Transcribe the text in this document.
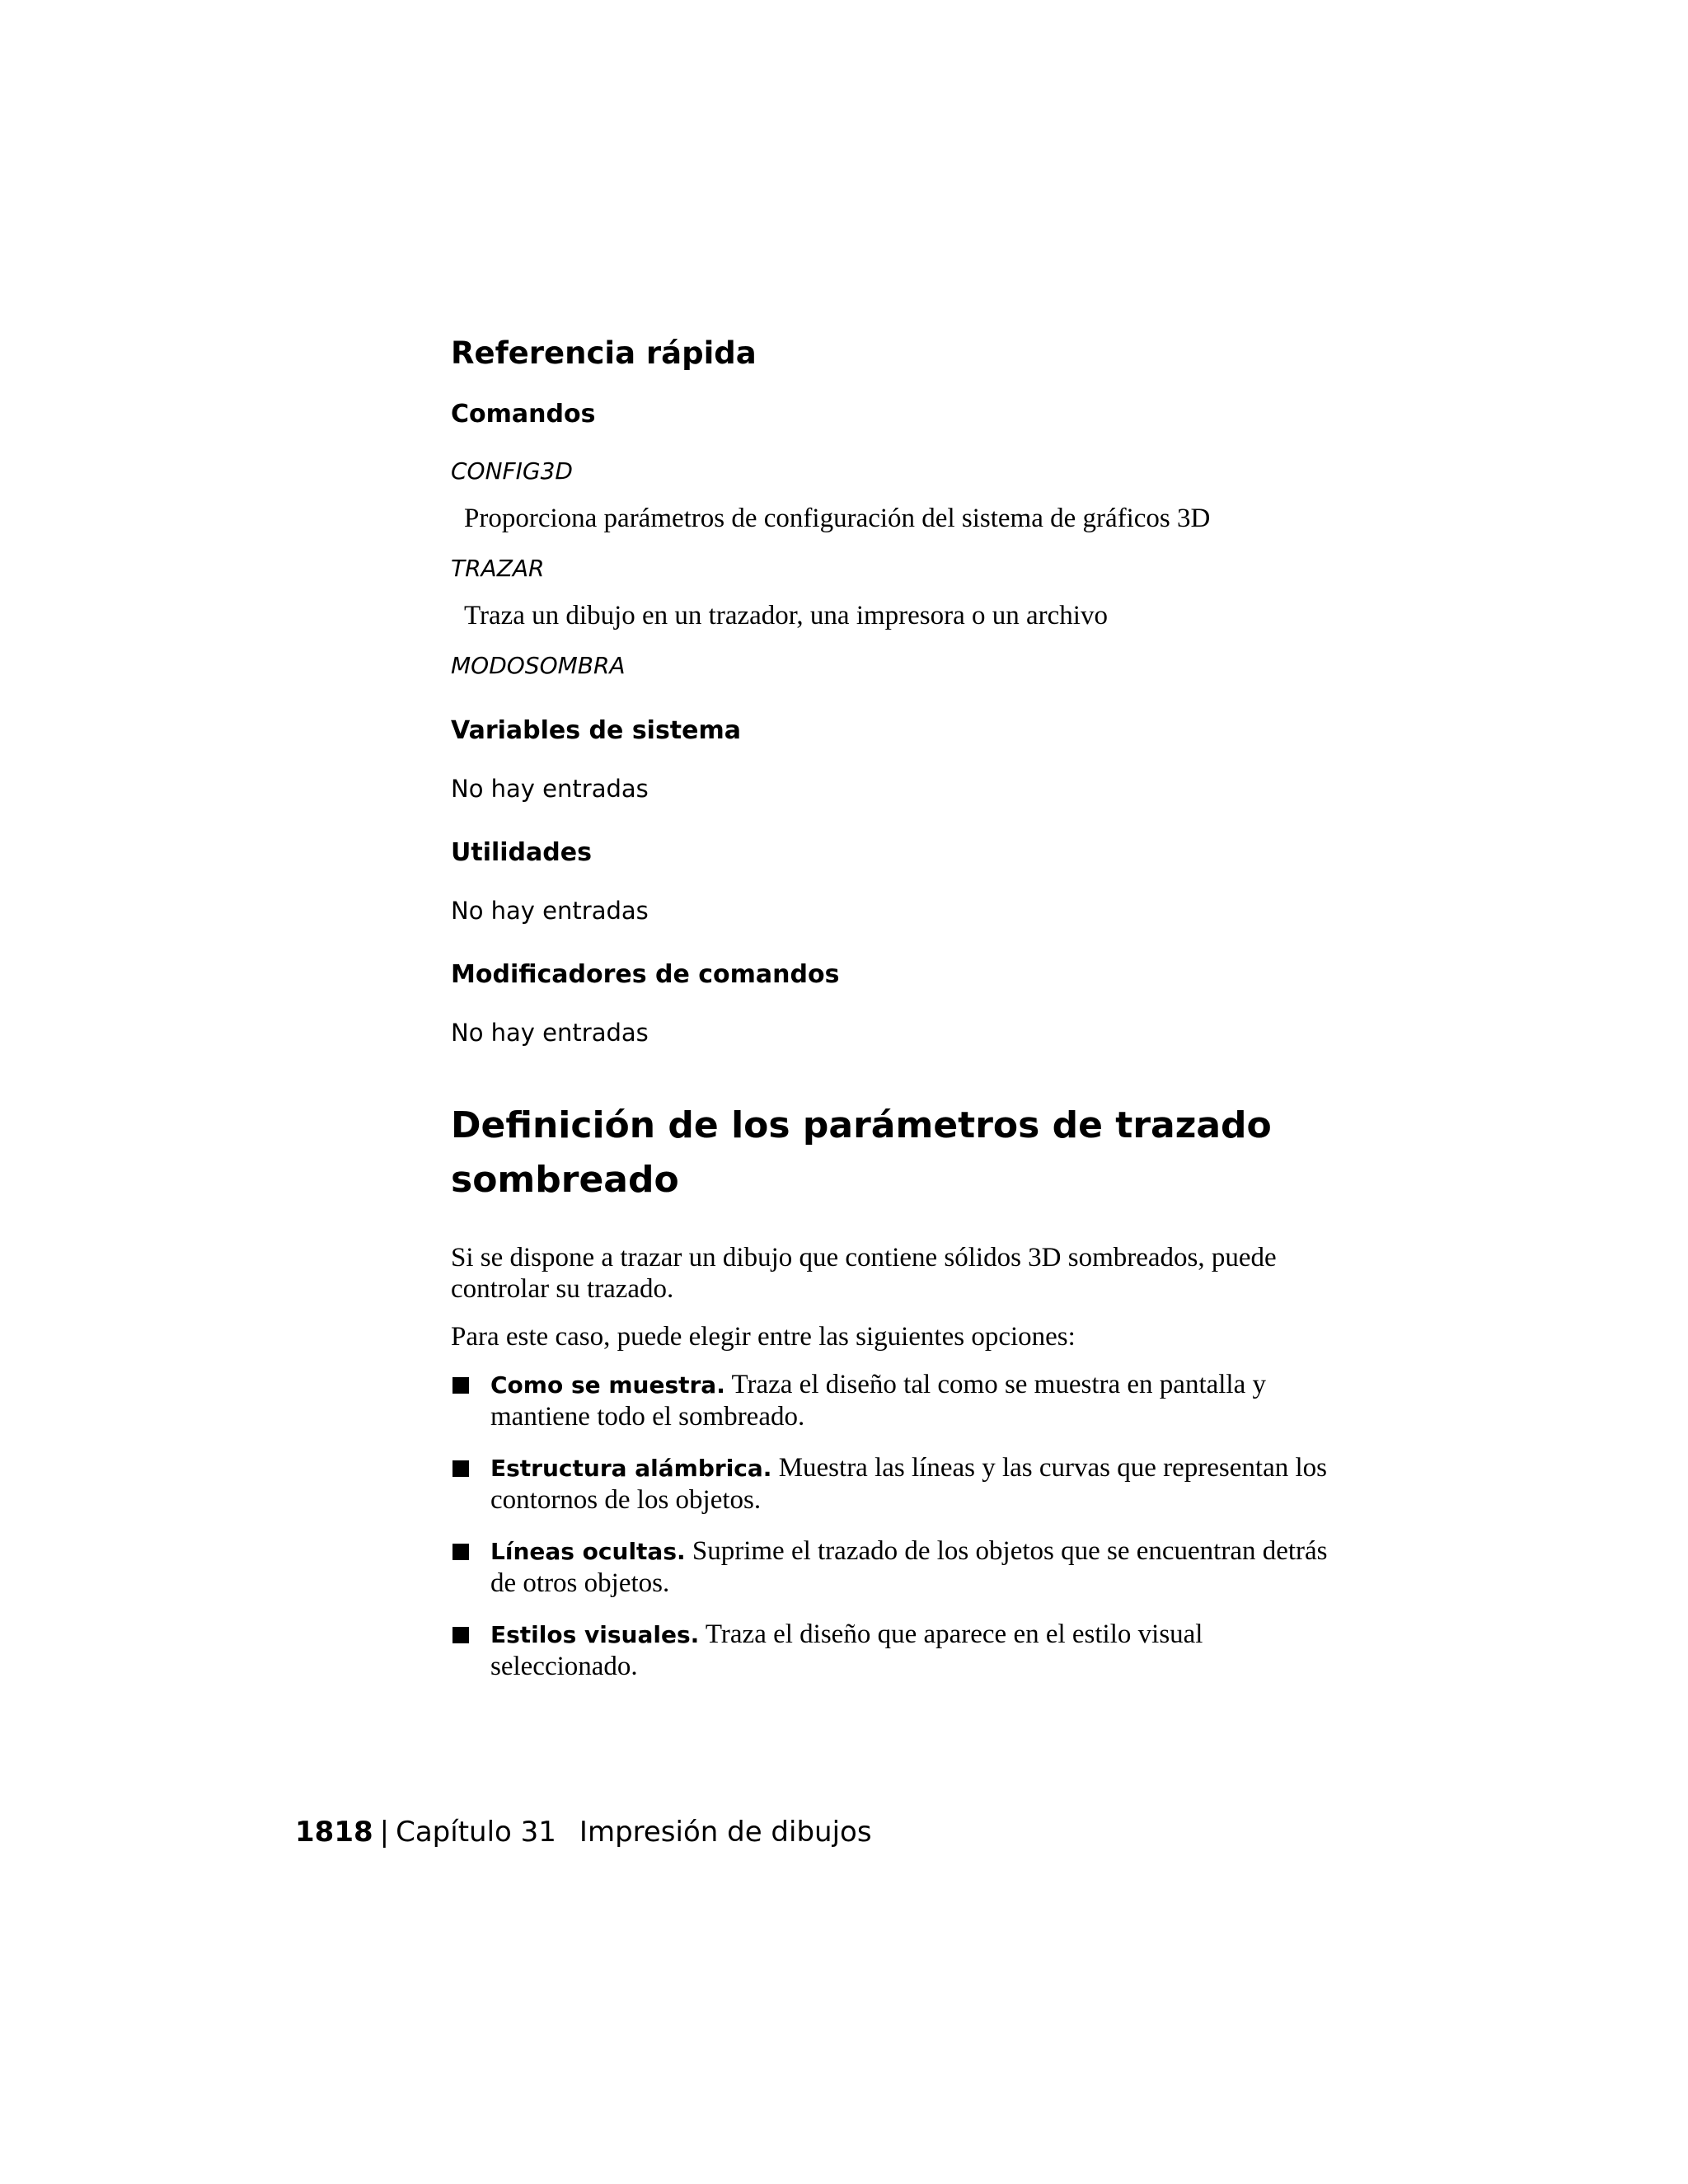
Referencia rápida
Comandos
CONFIG3D
Proporciona parámetros de configuración del sistema de gráficos 3D
TRAZAR
Traza un dibujo en un trazador, una impresora o un archivo
MODOSOMBRA
Variables de sistema
No hay entradas
Utilidades
No hay entradas
Modificadores de comandos
No hay entradas
Definición de los parámetros de trazado
sombreado

Si se dispone a trazar un dibujo que contiene sólidos 3D sombreados, puede controlar su trazado.

Para este caso, puede elegir entre las siguientes opciones:

Como se muestra. Traza el diseño tal como se muestra en pantalla y mantiene todo el sombreado.
Estructura alámbrica. Muestra las líneas y las curvas que representan los contornos de los objetos.
Líneas ocultas. Suprime el trazado de los objetos que se encuentran detrás de otros objetos.
Estilos visuales. Traza el diseño que aparece en el estilo visual seleccionado.
1818 | Capítulo 31 Impresión de dibujos
